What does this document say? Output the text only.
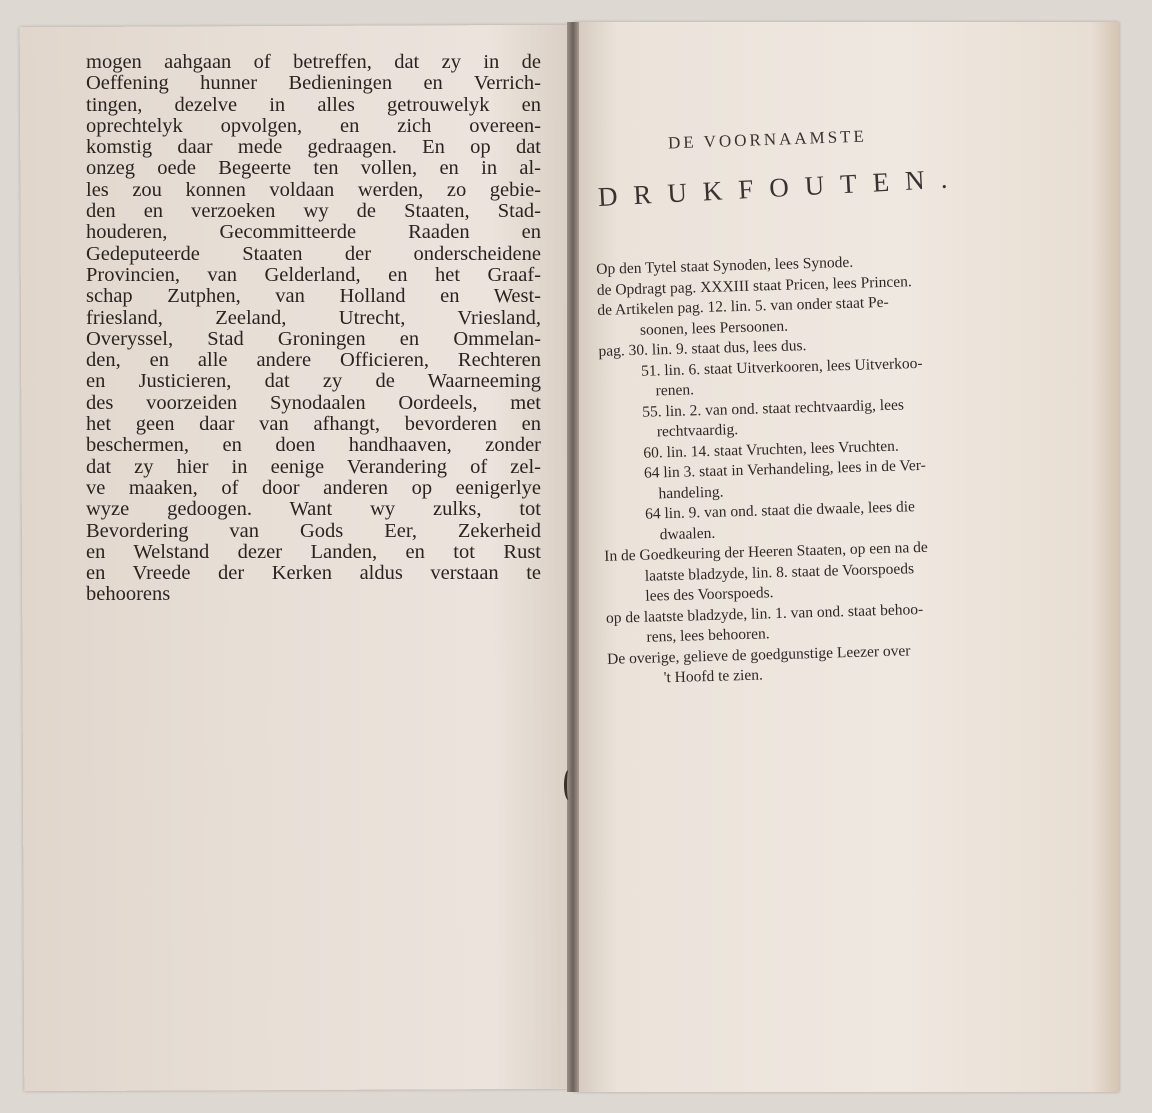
mogen aahgaan of betreffen, dat zy in de
Oeffening hunner Bedieningen en Verrich-
tingen, dezelve in alles getrouwelyk en
oprechtelyk opvolgen, en zich overeen-
komstig daar mede gedraagen. En op dat
onzeg oede Begeerte ten vollen, en in al-
les zou konnen voldaan werden, zo gebie-
den en verzoeken wy de Staaten, Stad-
houderen, Gecommitteerde Raaden en
Gedeputeerde Staaten der onderscheidene
Provincien, van Gelderland, en het Graaf-
schap Zutphen, van Holland en West-
friesland, Zeeland, Utrecht, Vriesland,
Overyssel, Stad Groningen en Ommelan-
den, en alle andere Officieren, Rechteren
en Justicieren, dat zy de Waarneeming
des voorzeiden Synodaalen Oordeels, met
het geen daar van afhangt, bevorderen en
beschermen, en doen handhaaven, zonder
dat zy hier in eenige Verandering of zel-
ve maaken, of door anderen op eenigerlye
wyze gedoogen. Want wy zulks, tot
Bevordering van Gods Eer, Zekerheid
en Welstand dezer Landen, en tot Rust
en Vreede der Kerken aldus verstaan te
behoorens
DE VOORNAAMSTE
DRUKFOUTEN.
Op den Tytel staat Synoden, lees Synode.
de Opdragt pag. XXXIII staat Pricen, lees Princen.
de Artikelen pag. 12. lin. 5. van onder staat Pe-
soonen, lees Persoonen.
pag. 30. lin. 9. staat dus, lees dus.
51. lin. 6. staat Uitverkooren, lees Uitverkoo-
renen.
55. lin. 2. van ond. staat rechtvaardig, lees
rechtvaardig.
60. lin. 14. staat Vruchten, lees Vruchten.
64 lin 3. staat in Verhandeling, lees in de Ver-
handeling.
64 lin. 9. van ond. staat die dwaale, lees die
dwaalen.
In de Goedkeuring der Heeren Staaten, op een na de
laatste bladzyde, lin. 8. staat de Voorspoeds
lees des Voorspoeds.
op de laatste bladzyde, lin. 1. van ond. staat behoo-
rens, lees behooren.
De overige, gelieve de goedgunstige Leezer over
't Hoofd te zien.
